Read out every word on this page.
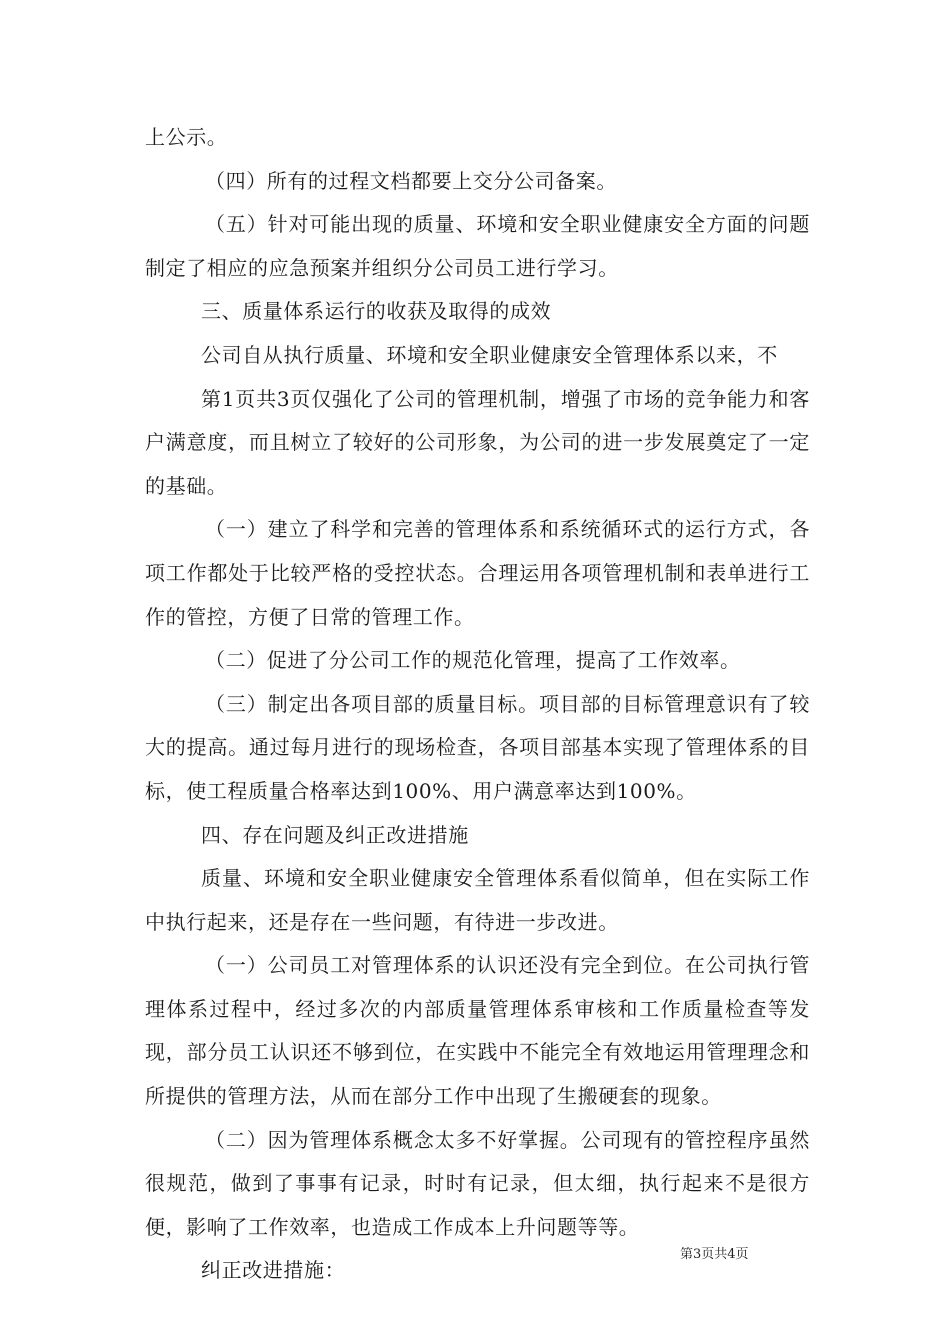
上公示。

（四）所有的过程文档都要上交分公司备案。

（五）针对可能出现的质量、环境和安全职业健康安全方面的问题制定了相应的应急预案并组织分公司员工进行学习。

三、质量体系运行的收获及取得的成效

公司自从执行质量、环境和安全职业健康安全管理体系以来，不

第1页共3页仅强化了公司的管理机制，增强了市场的竞争能力和客户满意度，而且树立了较好的公司形象，为公司的进一步发展奠定了一定的基础。

（一）建立了科学和完善的管理体系和系统循环式的运行方式，各项工作都处于比较严格的受控状态。合理运用各项管理机制和表单进行工作的管控，方便了日常的管理工作。

（二）促进了分公司工作的规范化管理，提高了工作效率。

（三）制定出各项目部的质量目标。项目部的目标管理意识有了较大的提高。通过每月进行的现场检查，各项目部基本实现了管理体系的目标，使工程质量合格率达到100%、用户满意率达到100%。

四、存在问题及纠正改进措施

质量、环境和安全职业健康安全管理体系看似简单，但在实际工作中执行起来，还是存在一些问题，有待进一步改进。

（一）公司员工对管理体系的认识还没有完全到位。在公司执行管理体系过程中，经过多次的内部质量管理体系审核和工作质量检查等发现，部分员工认识还不够到位，在实践中不能完全有效地运用管理理念和所提供的管理方法，从而在部分工作中出现了生搬硬套的现象。

（二）因为管理体系概念太多不好掌握。公司现有的管控程序虽然很规范，做到了事事有记录，时时有记录，但太细，执行起来不是很方便，影响了工作效率，也造成工作成本上升问题等等。

纠正改进措施：

第3页共4页
